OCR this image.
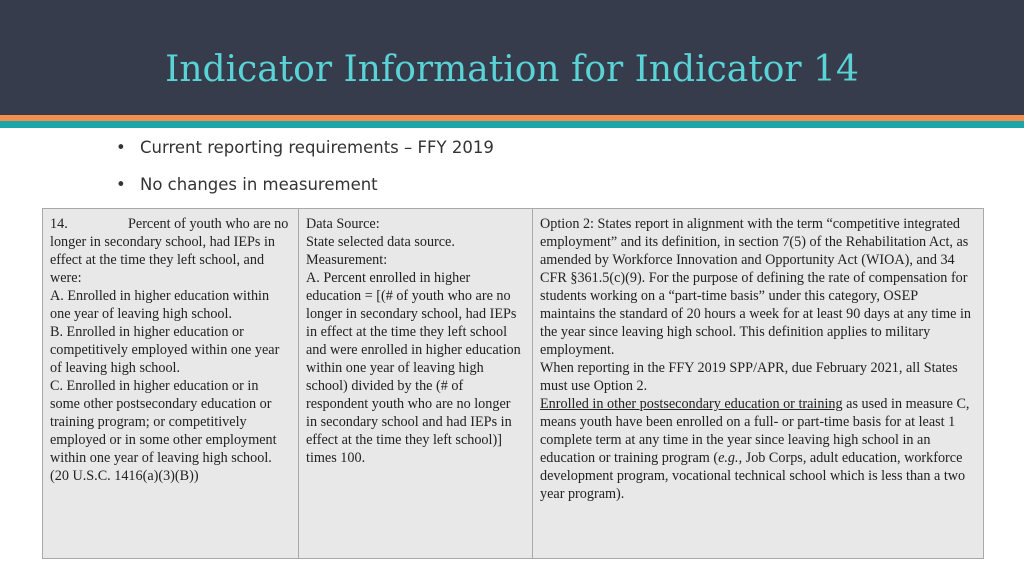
Indicator Information for Indicator 14
• Current reporting requirements – FFY 2019
• No changes in measurement
14.	Percent of youth who are no longer in secondary school, had IEPs in effect at the time they left school, and were:
A. Enrolled in higher education within one year of leaving high school.
B. Enrolled in higher education or competitively employed within one year of leaving high school.
C. Enrolled in higher education or in some other postsecondary education or training program; or competitively employed or in some other employment within one year of leaving high school.
(20 U.S.C. 1416(a)(3)(B))	Data Source:
State selected data source.
Measurement:
A. Percent enrolled in higher education = [(# of youth who are no longer in secondary school, had IEPs in effect at the time they left school and were enrolled in higher education within one year of leaving high school) divided by the (# of respondent youth who are no longer in secondary school and had IEPs in effect at the time they left school)] times 100.	Option 2: States report in alignment with the term “competitive integrated employment” and its definition, in section 7(5) of the Rehabilitation Act, as amended by Workforce Innovation and Opportunity Act (WIOA), and 34 CFR §361.5(c)(9). For the purpose of defining the rate of compensation for students working on a “part-time basis” under this category, OSEP maintains the standard of 20 hours a week for at least 90 days at any time in the year since leaving high school. This definition applies to military employment.
When reporting in the FFY 2019 SPP/APR, due February 2021, all States must use Option 2.
Enrolled in other postsecondary education or training as used in measure C, means youth have been enrolled on a full- or part-time basis for at least 1 complete term at any time in the year since leaving high school in an education or training program (e.g., Job Corps, adult education, workforce development program, vocational technical school which is less than a two year program).
